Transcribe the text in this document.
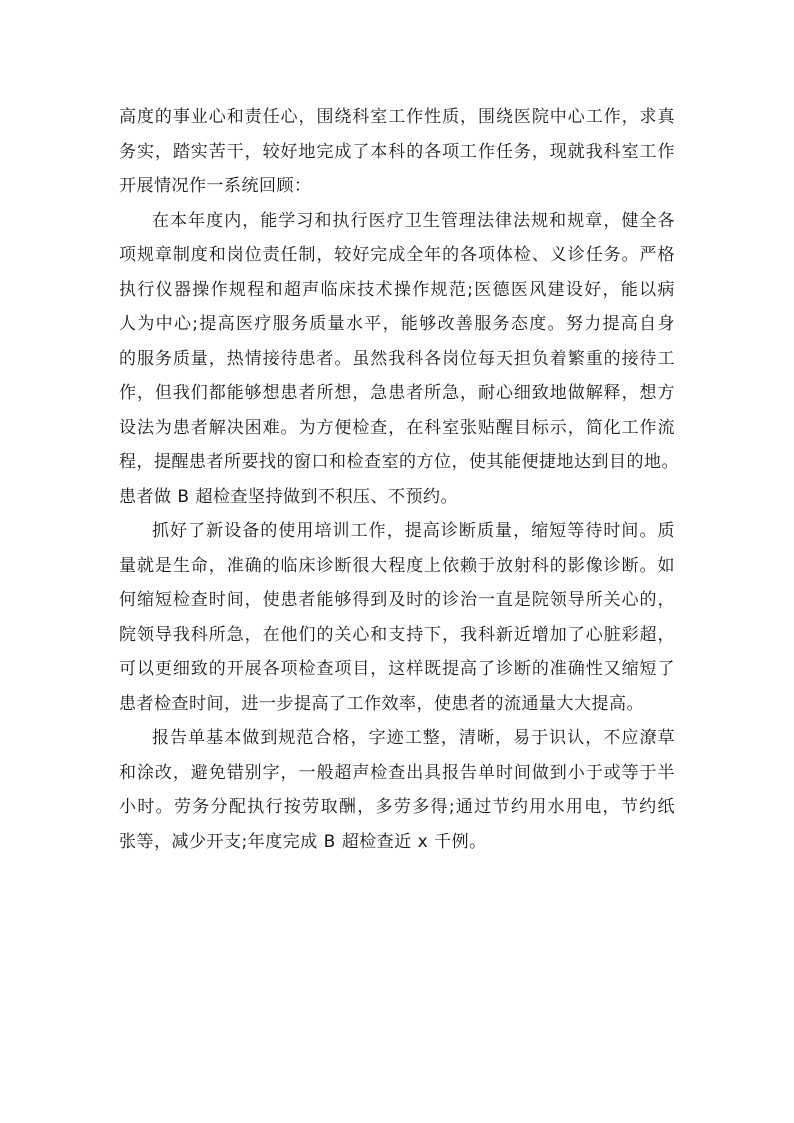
高度的事业心和责任心，围绕科室工作性质，围绕医院中心工作，求真
务实，踏实苦干，较好地完成了本科的各项工作任务，现就我科室工作
开展情况作一系统回顾：
在本年度内，能学习和执行医疗卫生管理法律法规和规章，健全各
项规章制度和岗位责任制，较好完成全年的各项体检、义诊任务。严格
执行仪器操作规程和超声临床技术操作规范;医德医风建设好，能以病
人为中心;提高医疗服务质量水平，能够改善服务态度。努力提高自身
的服务质量，热情接待患者。虽然我科各岗位每天担负着繁重的接待工
作，但我们都能够想患者所想，急患者所急，耐心细致地做解释，想方
设法为患者解决困难。为方便检查，在科室张贴醒目标示，简化工作流
程，提醒患者所要找的窗口和检查室的方位，使其能便捷地达到目的地。
患者做 B 超检查坚持做到不积压、不预约。
抓好了新设备的使用培训工作，提高诊断质量，缩短等待时间。质
量就是生命，准确的临床诊断很大程度上依赖于放射科的影像诊断。如
何缩短检查时间，使患者能够得到及时的诊治一直是院领导所关心的，
院领导我科所急，在他们的关心和支持下，我科新近增加了心脏彩超，
可以更细致的开展各项检查项目，这样既提高了诊断的准确性又缩短了
患者检查时间，进一步提高了工作效率，使患者的流通量大大提高。
报告单基本做到规范合格，字迹工整，清晰，易于识认，不应潦草
和涂改，避免错别字，一般超声检查出具报告单时间做到小于或等于半
小时。劳务分配执行按劳取酬，多劳多得;通过节约用水用电，节约纸
张等，减少开支;年度完成 B 超检查近 x 千例。
